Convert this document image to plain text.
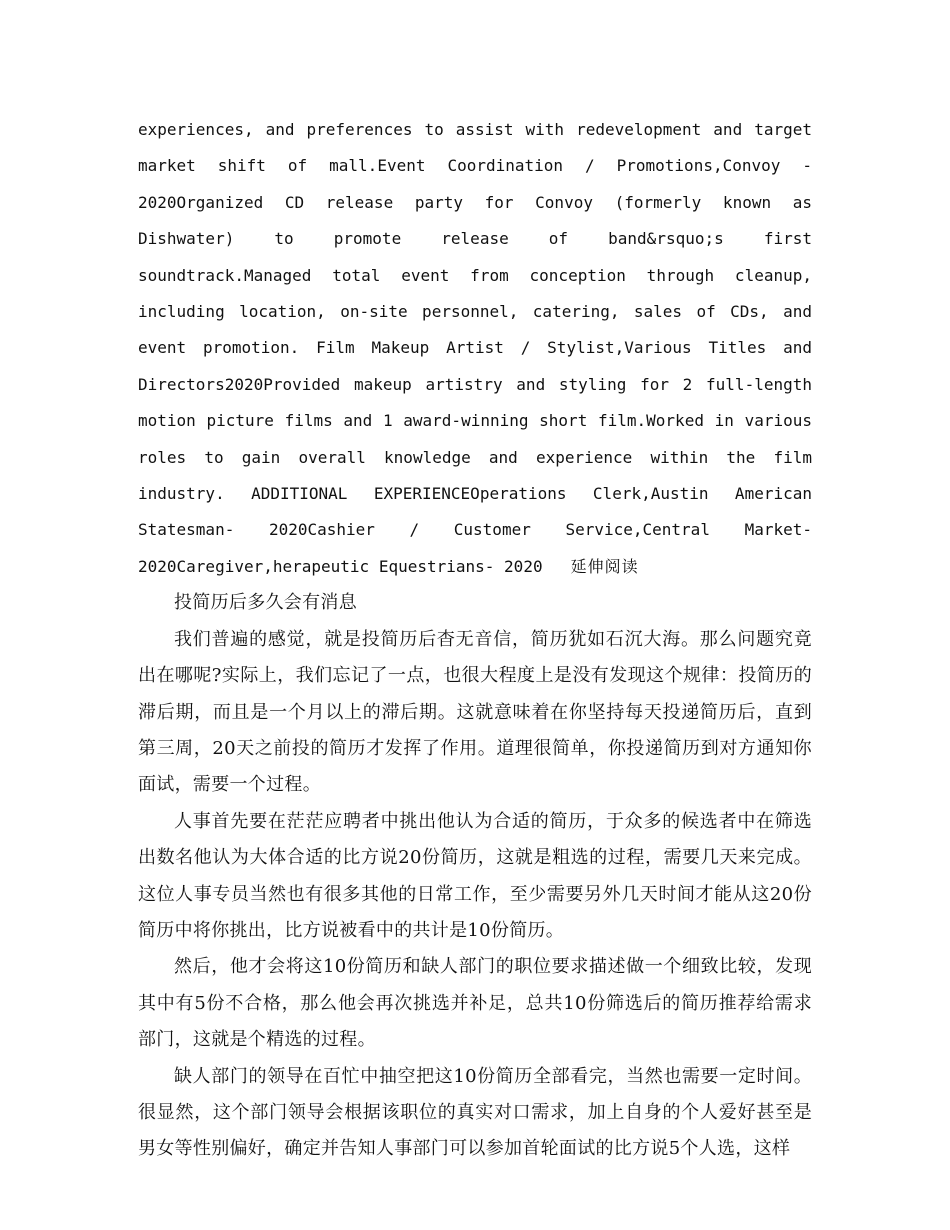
experiences, and preferences to assist with redevelopment and target market shift of mall.Event Coordination / Promotions,Convoy - 2020Organized CD release party for Convoy (formerly known as Dishwater) to promote release of band&rsquo;s first soundtrack.Managed total event from conception through cleanup, including location, on-site personnel, catering, sales of CDs, and event promotion. Film Makeup Artist / Stylist,Various Titles and Directors2020Provided makeup artistry and styling for 2 full-length motion picture films and 1 award-winning short film.Worked in various roles to gain overall knowledge and experience within the film industry. ADDITIONAL EXPERIENCEOperations Clerk,Austin American Statesman- 2020Cashier / Customer Service,Central Market- 2020Caregiver,herapeutic Equestrians- 2020 延伸阅读

投简历后多久会有消息

我们普遍的感觉，就是投简历后杳无音信，简历犹如石沉大海。那么问题究竟出在哪呢?实际上，我们忘记了一点，也很大程度上是没有发现这个规律：投简历的滞后期，而且是一个月以上的滞后期。这就意味着在你坚持每天投递简历后，直到第三周，20天之前投的简历才发挥了作用。道理很简单，你投递简历到对方通知你面试，需要一个过程。

人事首先要在茫茫应聘者中挑出他认为合适的简历，于众多的候选者中在筛选出数名他认为大体合适的比方说20份简历，这就是粗选的过程，需要几天来完成。这位人事专员当然也有很多其他的日常工作，至少需要另外几天时间才能从这20份简历中将你挑出，比方说被看中的共计是10份简历。

然后，他才会将这10份简历和缺人部门的职位要求描述做一个细致比较，发现其中有5份不合格，那么他会再次挑选并补足，总共10份筛选后的简历推荐给需求部门，这就是个精选的过程。

缺人部门的领导在百忙中抽空把这10份简历全部看完，当然也需要一定时间。很显然，这个部门领导会根据该职位的真实对口需求，加上自身的个人爱好甚至是男女等性别偏好，确定并告知人事部门可以参加首轮面试的比方说5个人选，这样
